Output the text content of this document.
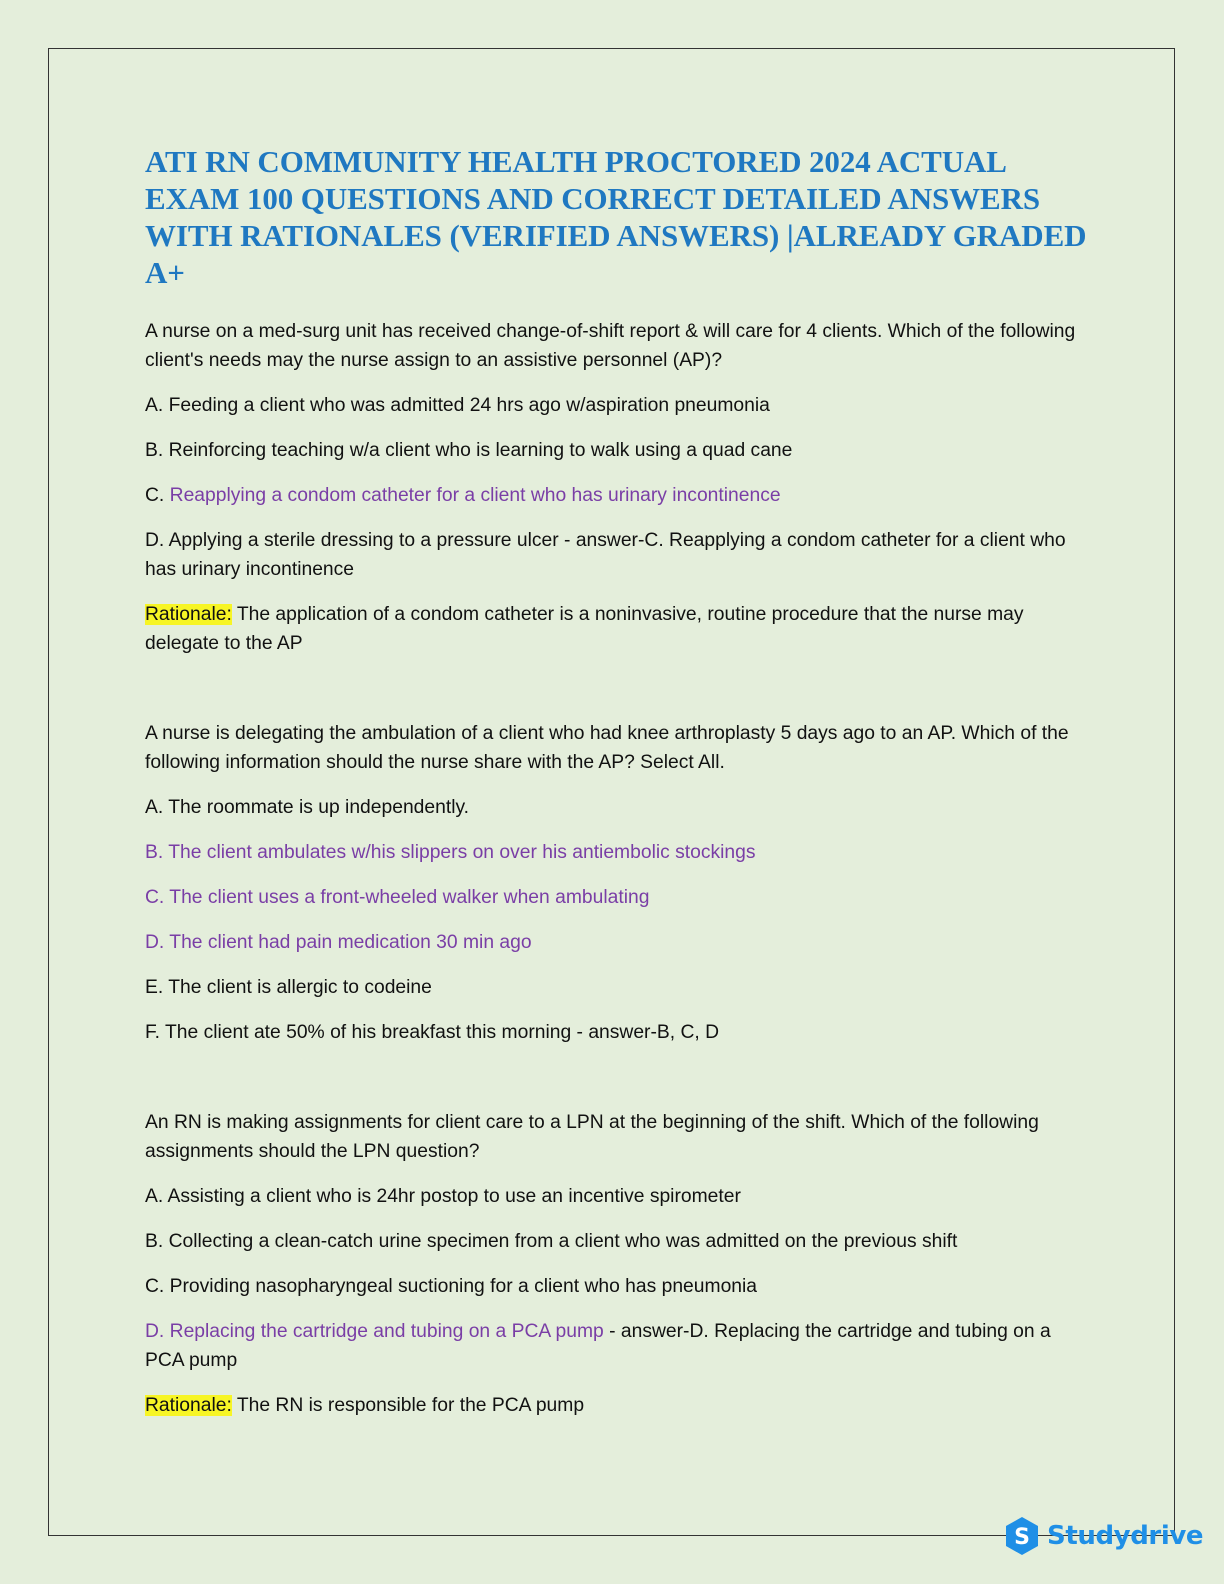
ATI RN COMMUNITY HEALTH PROCTORED 2024 ACTUAL EXAM 100 QUESTIONS AND CORRECT DETAILED ANSWERS WITH RATIONALES (VERIFIED ANSWERS) |ALREADY GRADED A+

A nurse on a med-surg unit has received change-of-shift report & will care for 4 clients. Which of the following client's needs may the nurse assign to an assistive personnel (AP)?

A. Feeding a client who was admitted 24 hrs ago w/aspiration pneumonia

B. Reinforcing teaching w/a client who is learning to walk using a quad cane

C. Reapplying a condom catheter for a client who has urinary incontinence

D. Applying a sterile dressing to a pressure ulcer - answer-C. Reapplying a condom catheter for a client who has urinary incontinence

Rationale: The application of a condom catheter is a noninvasive, routine procedure that the nurse may delegate to the AP

A nurse is delegating the ambulation of a client who had knee arthroplasty 5 days ago to an AP. Which of the following information should the nurse share with the AP? Select All.

A. The roommate is up independently.

B. The client ambulates w/his slippers on over his antiembolic stockings

C. The client uses a front-wheeled walker when ambulating

D. The client had pain medication 30 min ago

E. The client is allergic to codeine

F. The client ate 50% of his breakfast this morning - answer-B, C, D

An RN is making assignments for client care to a LPN at the beginning of the shift. Which of the following assignments should the LPN question?

A. Assisting a client who is 24hr postop to use an incentive spirometer

B. Collecting a clean-catch urine specimen from a client who was admitted on the previous shift

C. Providing nasopharyngeal suctioning for a client who has pneumonia

D. Replacing the cartridge and tubing on a PCA pump - answer-D. Replacing the cartridge and tubing on a PCA pump

Rationale: The RN is responsible for the PCA pump

S Studydrive
